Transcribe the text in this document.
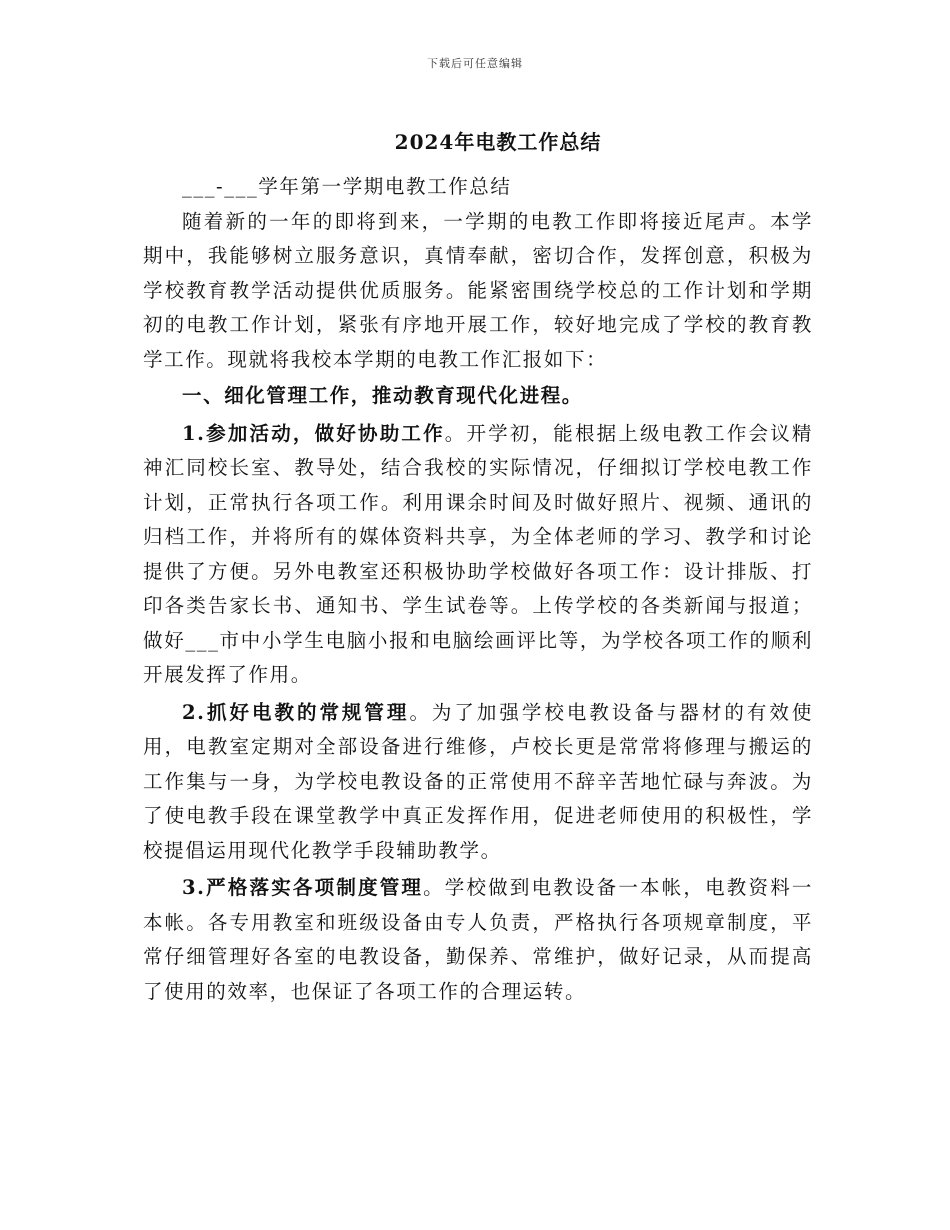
下载后可任意编辑
2024年电教工作总结

___-___学年第一学期电教工作总结

随着新的一年的即将到来，一学期的电教工作即将接近尾声。本学期中，我能够树立服务意识，真情奉献，密切合作，发挥创意，积极为学校教育教学活动提供优质服务。能紧密围绕学校总的工作计划和学期初的电教工作计划，紧张有序地开展工作，较好地完成了学校的教育教学工作。现就将我校本学期的电教工作汇报如下：

一、细化管理工作，推动教育现代化进程。

1.参加活动，做好协助工作。开学初，能根据上级电教工作会议精神汇同校长室、教导处，结合我校的实际情况，仔细拟订学校电教工作计划，正常执行各项工作。利用课余时间及时做好照片、视频、通讯的归档工作，并将所有的媒体资料共享，为全体老师的学习、教学和讨论提供了方便。另外电教室还积极协助学校做好各项工作：设计排版、打印各类告家长书、通知书、学生试卷等。上传学校的各类新闻与报道；做好___市中小学生电脑小报和电脑绘画评比等，为学校各项工作的顺利开展发挥了作用。

2.抓好电教的常规管理。为了加强学校电教设备与器材的有效使用，电教室定期对全部设备进行维修，卢校长更是常常将修理与搬运的工作集与一身，为学校电教设备的正常使用不辞辛苦地忙碌与奔波。为了使电教手段在课堂教学中真正发挥作用，促进老师使用的积极性，学校提倡运用现代化教学手段辅助教学。

3.严格落实各项制度管理。学校做到电教设备一本帐，电教资料一本帐。各专用教室和班级设备由专人负责，严格执行各项规章制度，平常仔细管理好各室的电教设备，勤保养、常维护，做好记录，从而提高了使用的效率，也保证了各项工作的合理运转。
